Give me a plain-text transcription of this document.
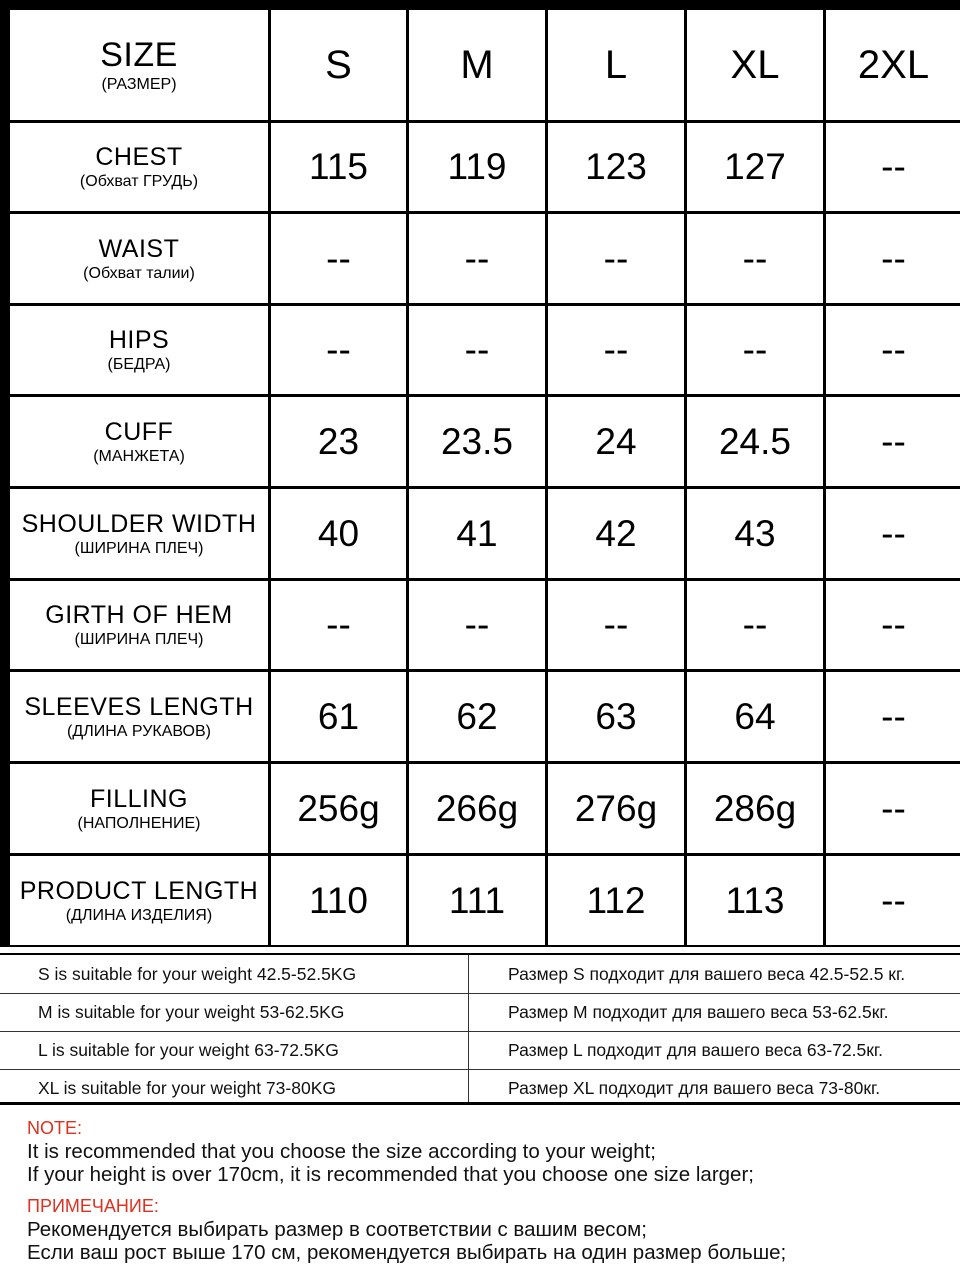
SIZE
(РАЗМЕР)	S	M	L	XL	2XL
CHEST
(Обхват ГРУДЬ)	115	119	123	127	--
WAIST
(Обхват талии)	--	--	--	--	--
HIPS
(БЕДРА)	--	--	--	--	--
CUFF
(МАНЖЕТА)	23	23.5	24	24.5	--
SHOULDER WIDTH
(ШИРИНА ПЛЕЧ)	40	41	42	43	--
GIRTH OF HEM
(ШИРИНА ПЛЕЧ)	--	--	--	--	--
SLEEVES LENGTH
(ДЛИНА РУКАВОВ)	61	62	63	64	--
FILLING
(НАПОЛНЕНИЕ)	256g	266g	276g	286g	--
PRODUCT LENGTH
(ДЛИНА ИЗДЕЛИЯ)	110	111	112	113	--
S is suitable for your weight 42.5-52.5KG	Размер S подходит для вашего веса 42.5-52.5 кг.
M is suitable for your weight 53-62.5KG	Размер M подходит для вашего веса 53-62.5кг.
L is suitable for your weight 63-72.5KG	Размер L подходит для вашего веса 63-72.5кг.
XL is suitable for your weight 73-80KG	Размер XL подходит для вашего веса 73-80кг.
NOTE:
It is recommended that you choose the size according to your weight;
If your height is over 170cm, it is recommended that you choose one size larger;
ПРИМЕЧАНИЕ:
Рекомендуется выбирать размер в соответствии с вашим весом;
Если ваш рост выше 170 см, рекомендуется выбирать на один размер больше;
